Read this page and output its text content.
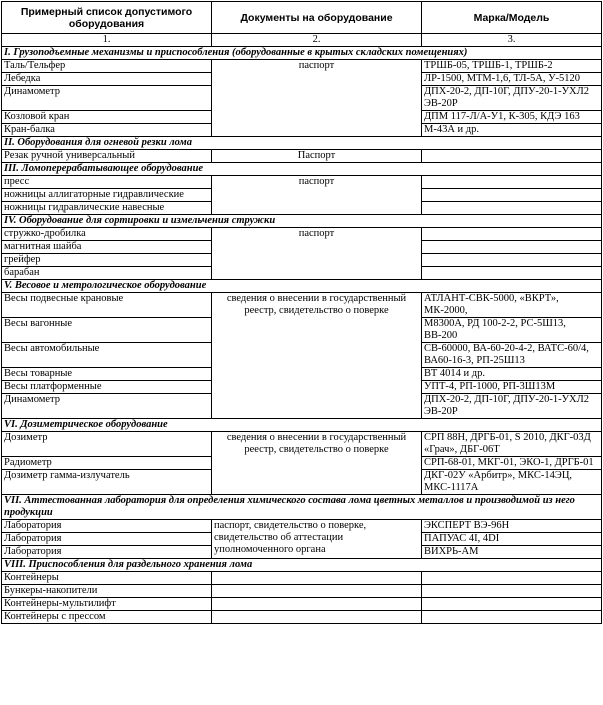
Примерный список допустимого оборудования	Документы на оборудование	Марка/Модель
1.	2.	3.
I. Грузоподъемные механизмы и приспособления (оборудованные в крытых складских помещениях)		
Таль/Тельфер	паспорт	ТРШБ-05, ТРШБ-1, ТРШБ-2
Лебедка		ЛР-1500, МТМ-1,6, ТЛ-5А, У-5120
Динамометр		ДПХ-20-2, ДП-10Г, ДПУ-20-1-УХЛ2 ЭВ-20Р
Козловой кран		ДПМ 117-Л/А-У1, К-305, КДЭ 163
Кран-балка		М-43А и др.
II. Оборудования для огневой резки лома		
Резак ручной универсальный	Паспорт	
III. Ломоперерабатывающее оборудование		
пресс	паспорт	
ножницы аллигаторные гидравлические		
ножницы гидравлические навесные		
IV. Оборудование для сортировки и измельчения стружки		
стружко-дробилка	паспорт	
магнитная шайба		
грейфер		
барабан		
V. Весовое и метрологическое оборудование		
Весы подвесные крановые	сведения о внесении в государственный реестр, свидетельство о поверке	АТЛАНТ-СВК-5000, «ВКРТ», МК-2000,
Весы вагонные		М8300А, РД 100-2-2, РС-5Ш13, ВВ-200
Весы автомобильные		СВ-60000, ВА-60-20-4-2, ВАТС-60/4, ВА60-16-3, РП-25Ш13
Весы товарные		ВТ 4014 и др.
Весы платформенные		УПТ-4, РП-1000, РП-3Ш13М
Динамометр		ДПХ-20-2, ДП-10Г, ДПУ-20-1-УХЛ2 ЭВ-20Р
VI. Дозиметрическое оборудование		
Дозиметр	сведения о внесении в государственный реестр, свидетельство о поверке	СРП 88Н, ДРГБ-01, S 2010, ДКГ-03Д «Грач», ДБГ-06Т
Радиометр		СРП-68-01, МКГ-01, ЭКО-1, ДРГБ-01
Дозиметр гамма-излучатель		ДКГ-02У «Арбитр», МКС-14ЭЦ, МКС-1117А
VII. Аттестованная лаборатория для определения химического состава лома цветных металлов и производимой из него продукции		
Лаборатория	паспорт, свидетельство о поверке, свидетельство об аттестации уполномоченного органа	ЭКСПЕРТ ВЭ-96Н
Лаборатория		ПАПУАС 4I, 4DI
Лаборатория		ВИХРЬ-АМ
VIII. Приспособления для раздельного хранения лома		
Контейнеры		
Бункеры-накопители		
Контейнеры-мультилифт		
Контейнеры с прессом		
